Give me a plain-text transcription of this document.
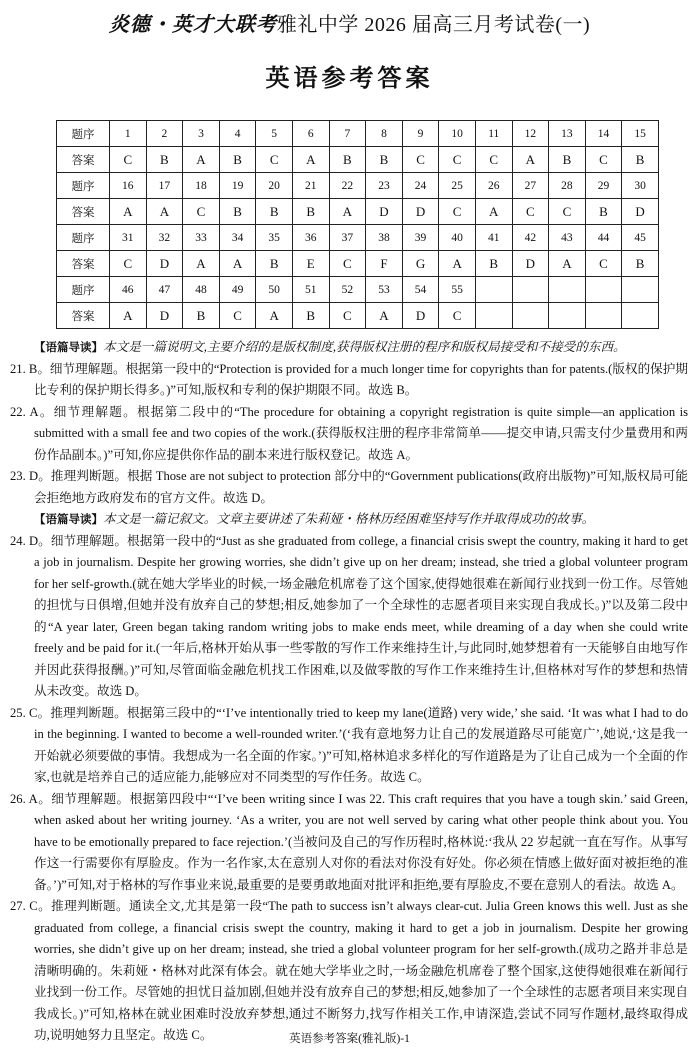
炎德・英才大联考雅礼中学 2026 届高三月考试卷(一)
英语参考答案
题序	1	2	3	4	5	6	7	8	9	10	11	12	13	14	15
答案	C	B	A	B	C	A	B	B	C	C	C	A	B	C	B
题序	16	17	18	19	20	21	22	23	24	25	26	27	28	29	30
答案	A	A	C	B	B	B	A	D	D	C	A	C	C	B	D
题序	31	32	33	34	35	36	37	38	39	40	41	42	43	44	45
答案	C	D	A	A	B	E	C	F	G	A	B	D	A	C	B
题序	46	47	48	49	50	51	52	53	54	55					
答案	A	D	B	C	A	B	C	A	D	C					

【语篇导读】本文是一篇说明文,主要介绍的是版权制度,获得版权注册的程序和版权局接受和不接受的东西。

21. B。细节理解题。根据第一段中的“Protection is provided for a much longer time for copyrights than for patents.(版权的保护期比专利的保护期长得多。)”可知,版权和专利的保护期限不同。故选 B。

22. A。细节理解题。根据第二段中的“The procedure for obtaining a copyright registration is quite simple—an application is submitted with a small fee and two copies of the work.(获得版权注册的程序非常简单——提交申请,只需支付少量费用和两份作品副本。)”可知,你应提供你作品的副本来进行版权登记。故选 A。

23. D。推理判断题。根据 Those are not subject to protection 部分中的“Government publications(政府出版物)”可知,版权局可能会拒绝地方政府发布的官方文件。故选 D。

【语篇导读】本文是一篇记叙文。文章主要讲述了朱莉娅・格林历经困难坚持写作并取得成功的故事。

24. D。细节理解题。根据第一段中的“Just as she graduated from college, a financial crisis swept the country, making it hard to get a job in journalism. Despite her growing worries, she didn’t give up on her dream; instead, she tried a global volunteer program for her self-growth.(就在她大学毕业的时候,一场金融危机席卷了这个国家,使得她很难在新闻行业找到一份工作。尽管她的担忧与日俱增,但她并没有放弃自己的梦想;相反,她参加了一个全球性的志愿者项目来实现自我成长。)”以及第二段中的“A year later, Green began taking random writing jobs to make ends meet, while dreaming of a day when she could write freely and be paid for it.(一年后,格林开始从事一些零散的写作工作来维持生计,与此同时,她梦想着有一天能够自由地写作并因此获得报酬。)”可知,尽管面临金融危机找工作困难,以及做零散的写作工作来维持生计,但格林对写作的梦想和热情从未改变。故选 D。

25. C。推理判断题。根据第三段中的“‘I’ve intentionally tried to keep my lane(道路) very wide,’ she said. ‘It was what I had to do in the beginning. I wanted to become a well-rounded writer.’(‘我有意地努力让自己的发展道路尽可能宽广’,她说,‘这是我一开始就必须要做的事情。我想成为一名全面的作家。’)”可知,格林追求多样化的写作道路是为了让自己成为一个全面的作家,也就是培养自己的适应能力,能够应对不同类型的写作任务。故选 C。

26. A。细节理解题。根据第四段中“‘I’ve been writing since I was 22. This craft requires that you have a tough skin.’ said Green, when asked about her writing journey. ‘As a writer, you are not well served by caring what other people think about you. You have to be emotionally prepared to face rejection.’(当被问及自己的写作历程时,格林说:‘我从 22 岁起就一直在写作。从事写作这一行需要你有厚脸皮。作为一名作家,太在意别人对你的看法对你没有好处。你必须在情感上做好面对被拒绝的准备。’)”可知,对于格林的写作事业来说,最重要的是要勇敢地面对批评和拒绝,要有厚脸皮,不要在意别人的看法。故选 A。

27. C。推理判断题。通读全文,尤其是第一段“The path to success isn’t always clear-cut. Julia Green knows this well. Just as she graduated from college, a financial crisis swept the country, making it hard to get a job in journalism. Despite her growing worries, she didn’t give up on her dream; instead, she tried a global volunteer program for her self-growth.(成功之路并非总是清晰明确的。朱莉娅・格林对此深有体会。就在她大学毕业之时,一场金融危机席卷了整个国家,这使得她很难在新闻行业找到一份工作。尽管她的担忧日益加剧,但她并没有放弃自己的梦想;相反,她参加了一个全球性的志愿者项目来实现自我成长。)”可知,格林在就业困难时没放弃梦想,通过不断努力,找写作相关工作,申请深造,尝试不同写作题材,最终取得成功,说明她努力且坚定。故选 C。	英语参考答案(雅礼版)-1
